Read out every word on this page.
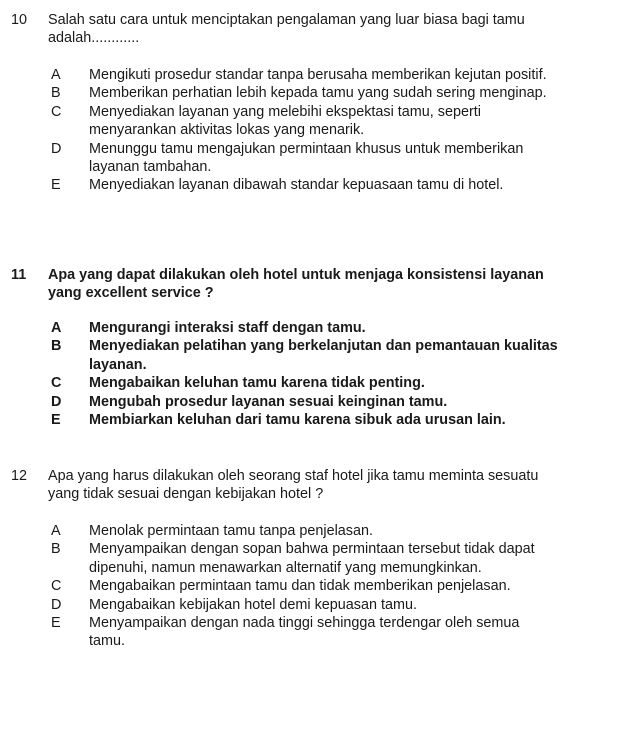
10 Salah satu cara untuk menciptakan pengalaman yang luar biasa bagi tamu adalah............
A Mengikuti prosedur standar tanpa berusaha memberikan kejutan positif.
B Memberikan perhatian lebih kepada tamu yang sudah sering menginap.
C Menyediakan layanan yang melebihi ekspektasi tamu, seperti menyarankan aktivitas lokas yang menarik.
D Menunggu tamu mengajukan permintaan khusus untuk memberikan layanan tambahan.
E Menyediakan layanan dibawah standar kepuasaan tamu di hotel.
11 Apa yang dapat dilakukan oleh hotel untuk menjaga konsistensi layanan yang excellent service ?
A Mengurangi interaksi staff dengan tamu.
B Menyediakan pelatihan yang berkelanjutan dan pemantauan kualitas layanan.
C Mengabaikan keluhan tamu karena tidak penting.
D Mengubah prosedur layanan sesuai keinginan tamu.
E Membiarkan keluhan dari tamu karena sibuk ada urusan lain.
12 Apa yang harus dilakukan oleh seorang staf hotel jika tamu meminta sesuatu yang tidak sesuai dengan kebijakan hotel ?
A Menolak permintaan tamu tanpa penjelasan.
B Menyampaikan dengan sopan bahwa permintaan tersebut tidak dapat dipenuhi, namun menawarkan alternatif yang memungkinkan.
C Mengabaikan permintaan tamu dan tidak memberikan penjelasan.
D Mengabaikan kebijakan hotel demi kepuasan tamu.
E Menyampaikan dengan nada tinggi sehingga terdengar oleh semua tamu.
